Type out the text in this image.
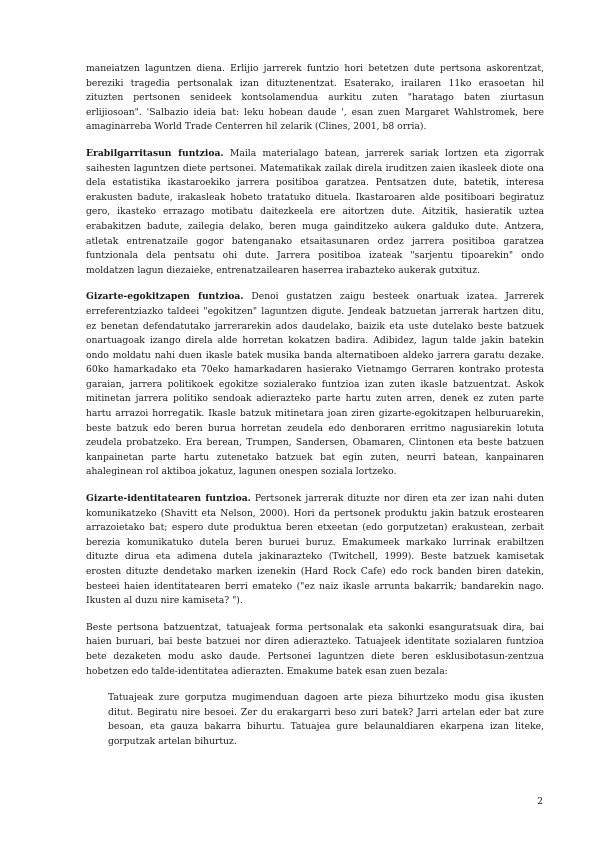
maneiatzen laguntzen diena. Erlijio jarrerek funtzio hori betetzen dute pertsona askorentzat, bereziki tragedia pertsonalak izan dituztenentzat. Esaterako, irailaren 11ko erasoetan hil zituzten pertsonen senideek kontsolamendua aurkitu zuten "haratago baten ziurtasun erlijiosoan". 'Salbazio ideia bat: leku hobean daude ', esan zuen Margaret Wahlstromek, bere amaginarreba World Trade Centerren hil zelarik (Clines, 2001, b8 orria).

Erabilgarritasun funtzioa. Maila materialago batean, jarrerek sariak lortzen eta zigorrak saihesten laguntzen diete pertsonei. Matematikak zailak direla iruditzen zaien ikasleek diote ona dela estatistika ikastaroekiko jarrera positiboa garatzea. Pentsatzen dute, batetik, interesa erakusten badute, irakasleak hobeto tratatuko dituela. Ikastaroaren alde positiboari begiratuz gero, ikasteko errazago motibatu daitezkeela ere aitortzen dute. Aitzitik, hasieratik uztea erabakitzen badute, zailegia delako, beren muga gainditzeko aukera galduko dute. Antzera, atletak entrenatzaile gogor batenganako etsaitasunaren ordez jarrera positiboa garatzea funtzionala dela pentsatu ohi dute. Jarrera positiboa izateak "sarjentu tipoarekin" ondo moldatzen lagun diezaieke, entrenatzailearen haserrea irabazteko aukerak gutxituz.

Gizarte-egokitzapen funtzioa. Denoi gustatzen zaigu besteek onartuak izatea. Jarrerek erreferentziazko taldeei "egokitzen" laguntzen digute. Jendeak batzuetan jarrerak hartzen ditu, ez benetan defendatutako jarrerarekin ados daudelako, baizik eta uste dutelako beste batzuek onartuagoak izango direla alde horretan kokatzen badira. Adibidez, lagun talde jakin batekin ondo moldatu nahi duen ikasle batek musika banda alternatiboen aldeko jarrera garatu dezake. 60ko hamarkadako eta 70eko hamarkadaren hasierako Vietnamgo Gerraren kontrako protesta garaian, jarrera politikoek egokitze sozialerako funtzioa izan zuten ikasle batzuentzat. Askok mitinetan jarrera politiko sendoak adierazteko parte hartu zuten arren, denek ez zuten parte hartu arrazoi horregatik. Ikasle batzuk mitinetara joan ziren gizarte-egokitzapen helburuarekin, beste batzuk edo beren burua horretan zeudela edo denboraren erritmo nagusiarekin lotuta zeudela probatzeko. Era berean, Trumpen, Sandersen, Obamaren, Clintonen eta beste batzuen kanpainetan parte hartu zutenetako batzuek bat egin zuten, neurri batean, kanpainaren ahaleginean rol aktiboa jokatuz, lagunen onespen soziala lortzeko.

Gizarte-identitatearen funtzioa. Pertsonek jarrerak dituzte nor diren eta zer izan nahi duten komunikatzeko (Shavitt eta Nelson, 2000). Hori da pertsonek produktu jakin batzuk erostearen arrazoietako bat; espero dute produktua beren etxeetan (edo gorputzetan) erakustean, zerbait berezia komunikatuko dutela beren buruei buruz. Emakumeek markako lurrinak erabiltzen dituzte dirua eta adimena dutela jakinarazteko (Twitchell, 1999). Beste batzuek kamisetak erosten dituzte dendetako marken izenekin (Hard Rock Cafe) edo rock banden biren datekin, besteei haien identitatearen berri emateko ("ez naiz ikasle arrunta bakarrik; bandarekin nago. Ikusten al duzu nire kamiseta? ").

Beste pertsona batzuentzat, tatuajeak forma pertsonalak eta sakonki esanguratsuak dira, bai haien buruari, bai beste batzuei nor diren adierazteko. Tatuajeek identitate sozialaren funtzioa bete dezaketen modu asko daude. Pertsonei laguntzen diete beren esklusibotasun-zentzua hobetzen edo talde-identitatea adierazten. Emakume batek esan zuen bezala:

Tatuajeak zure gorputza mugimenduan dagoen arte pieza bihurtzeko modu gisa ikusten ditut. Begiratu nire besoei. Zer du erakargarri beso zuri batek? Jarri artelan eder bat zure besoan, eta gauza bakarra bihurtu. Tatuajea gure belaunaldiaren ekarpena izan liteke, gorputzak artelan bihurtuz.

2
